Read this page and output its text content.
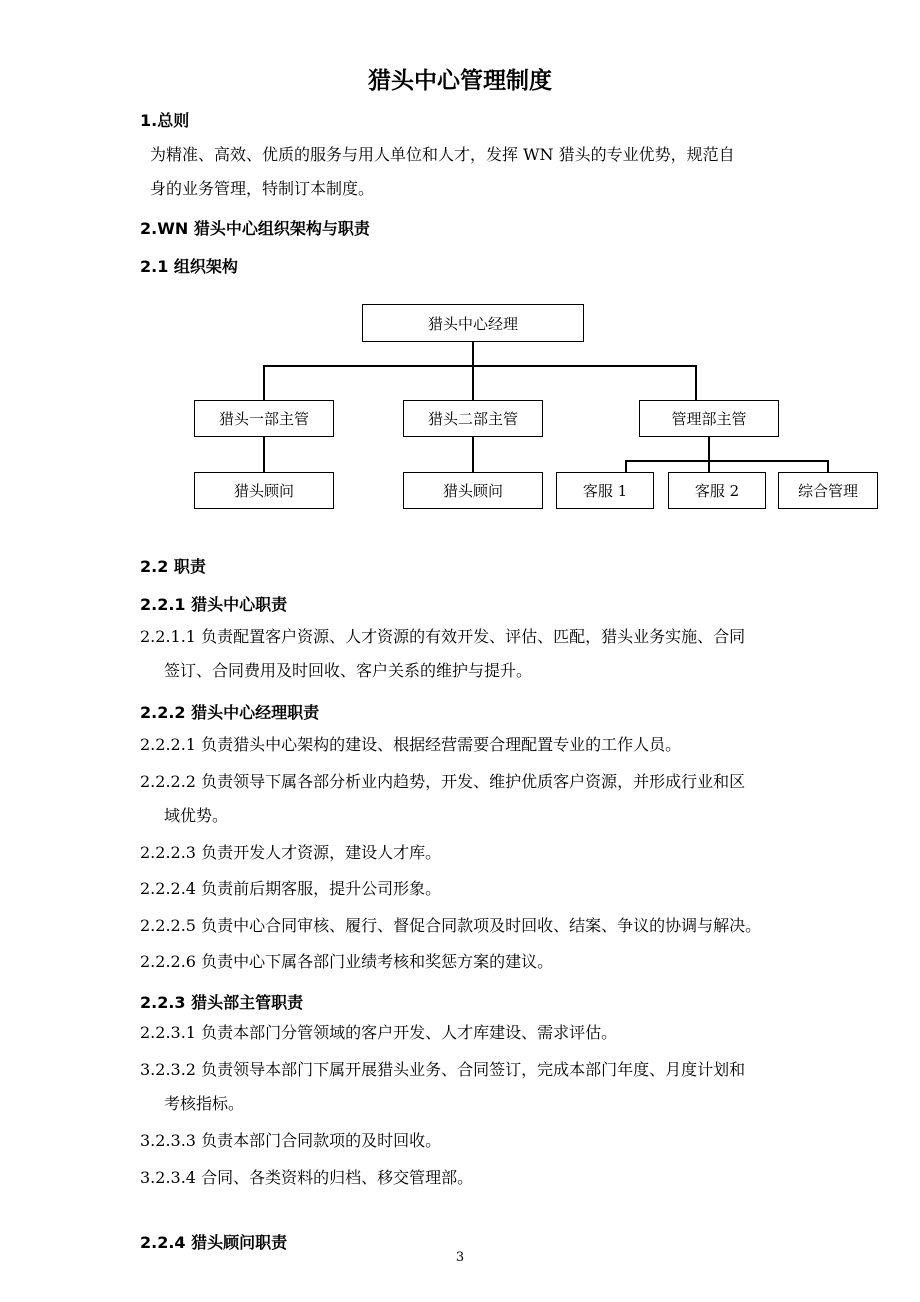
猎头中心管理制度
1.总则
为精准、高效、优质的服务与用人单位和人才，发挥 WN 猎头的专业优势，规范自
身的业务管理，特制订本制度。
2.WN 猎头中心组织架构与职责
2.1 组织架构
猎头中心经理
猎头一部主管	猎头二部主管	管理部主管
猎头顾问	猎头顾问	客服 1	客服 2	综合管理
2.2 职责
2.2.1 猎头中心职责
2.2.1.1 负责配置客户资源、人才资源的有效开发、评估、匹配，猎头业务实施、合同
签订、合同费用及时回收、客户关系的维护与提升。
2.2.2 猎头中心经理职责
2.2.2.1 负责猎头中心架构的建设、根据经营需要合理配置专业的工作人员。
2.2.2.2 负责领导下属各部分析业内趋势，开发、维护优质客户资源，并形成行业和区
域优势。
2.2.2.3 负责开发人才资源，建设人才库。
2.2.2.4 负责前后期客服，提升公司形象。
2.2.2.5 负责中心合同审核、履行、督促合同款项及时回收、结案、争议的协调与解决。
2.2.2.6 负责中心下属各部门业绩考核和奖惩方案的建议。
2.2.3 猎头部主管职责
2.2.3.1 负责本部门分管领域的客户开发、人才库建设、需求评估。
3.2.3.2 负责领导本部门下属开展猎头业务、合同签订，完成本部门年度、月度计划和
考核指标。
3.2.3.3 负责本部门合同款项的及时回收。
3.2.3.4 合同、各类资料的归档、移交管理部。
2.2.4 猎头顾问职责
3
